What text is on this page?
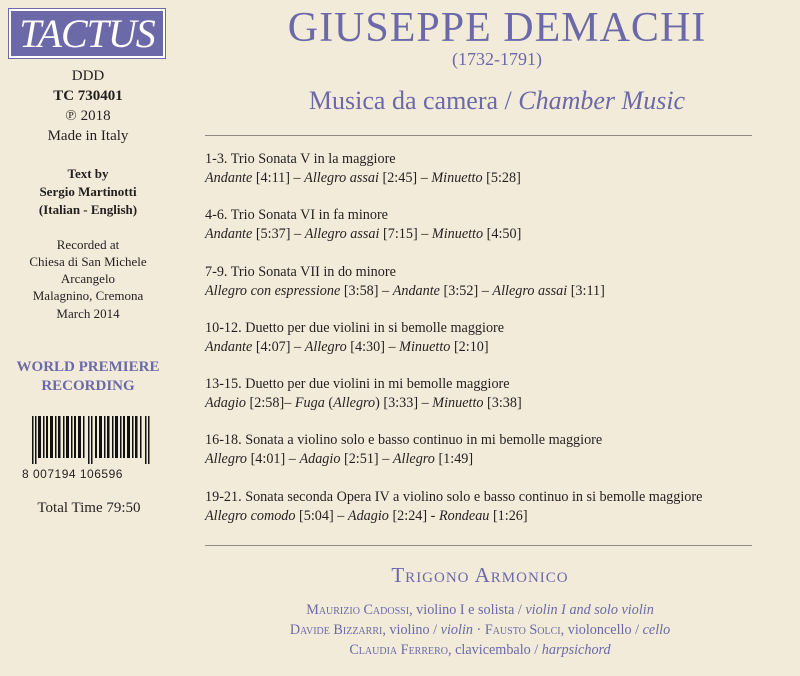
TACTUS
DDD
TC 730401
℗ 2018
Made in Italy
Text by
Sergio Martinotti
(Italian - English)
Recorded at
Chiesa di San Michele
Arcangelo
Malagnino, Cremona
March 2014
WORLD PREMIERE
RECORDING
8 007194 106596
Total Time 79:50
GIUSEPPE DEMACHI
(1732-1791)
Musica da camera / Chamber Music
1-3. Trio Sonata V in la maggiore
Andante [4:11] – Allegro assai [2:45] – Minuetto [5:28]
4-6. Trio Sonata VI in fa minore
Andante [5:37] – Allegro assai [7:15] – Minuetto [4:50]
7-9. Trio Sonata VII in do minore
Allegro con espressione [3:58] – Andante [3:52] – Allegro assai [3:11]
10-12. Duetto per due violini in si bemolle maggiore
Andante [4:07] – Allegro [4:30] – Minuetto [2:10]
13-15. Duetto per due violini in mi bemolle maggiore
Adagio [2:58]– Fuga (Allegro) [3:33] – Minuetto [3:38]
16-18. Sonata a violino solo e basso continuo in mi bemolle maggiore
Allegro [4:01] – Adagio [2:51] – Allegro [1:49]
19-21. Sonata seconda Opera IV a violino solo e basso continuo in si bemolle maggiore
Allegro comodo [5:04] – Adagio [2:24] - Rondeau [1:26]
Trigono Armonico
Maurizio Cadossi, violino I e solista / violin I and solo violin
Davide Bizzarri, violino / violin · Fausto Solci, violoncello / cello
Claudia Ferrero, clavicembalo / harpsichord
